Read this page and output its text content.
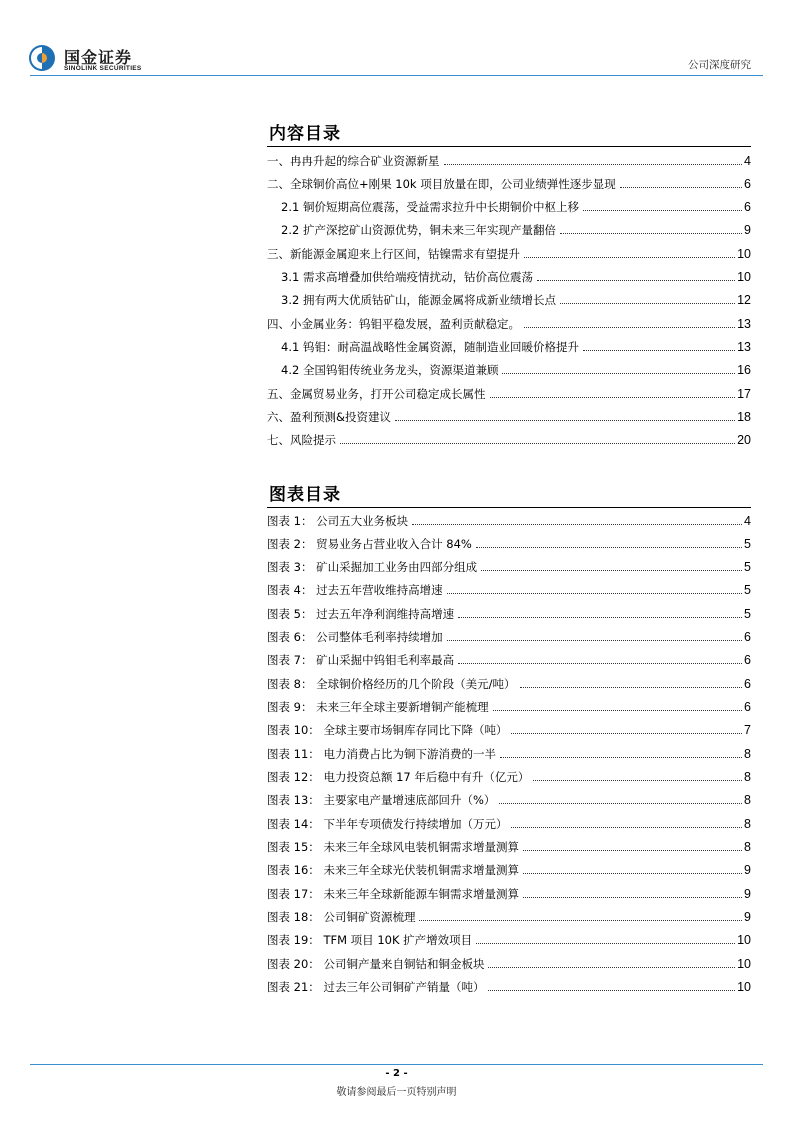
国金证券
SINOLINK SECURITIES	公司深度研究
内容目录
一、冉冉升起的综合矿业资源新星	4
二、全球铜价高位+刚果 10k 项目放量在即，公司业绩弹性逐步显现	6
2.1 铜价短期高位震荡，受益需求拉升中长期铜价中枢上移	6
2.2 扩产深挖矿山资源优势，铜未来三年实现产量翻倍	9
三、新能源金属迎来上行区间，钴镍需求有望提升	10
3.1 需求高增叠加供给端疫情扰动，钴价高位震荡	10
3.2 拥有两大优质钴矿山，能源金属将成新业绩增长点	12
四、小金属业务：钨钼平稳发展，盈利贡献稳定。	13
4.1 钨钼：耐高温战略性金属资源，随制造业回暖价格提升	13
4.2 全国钨钼传统业务龙头，资源渠道兼顾	16
五、金属贸易业务，打开公司稳定成长属性	17
六、盈利预测&投资建议	18
七、风险提示	20
图表目录
图表 1： 公司五大业务板块	4
图表 2： 贸易业务占营业收入合计 84%	5
图表 3： 矿山采掘加工业务由四部分组成	5
图表 4： 过去五年营收维持高增速	5
图表 5： 过去五年净利润维持高增速	5
图表 6： 公司整体毛利率持续增加	6
图表 7： 矿山采掘中钨钼毛利率最高	6
图表 8： 全球铜价格经历的几个阶段（美元/吨）	6
图表 9： 未来三年全球主要新增铜产能梳理	6
图表 10： 全球主要市场铜库存同比下降（吨）	7
图表 11： 电力消费占比为铜下游消费的一半	8
图表 12： 电力投资总额 17 年后稳中有升（亿元）	8
图表 13： 主要家电产量增速底部回升（%）	8
图表 14： 下半年专项债发行持续增加（万元）	8
图表 15： 未来三年全球风电装机铜需求增量测算	8
图表 16： 未来三年全球光伏装机铜需求增量测算	9
图表 17： 未来三年全球新能源车铜需求增量测算	9
图表 18： 公司铜矿资源梳理	9
图表 19： TFM 项目 10K 扩产增效项目	10
图表 20： 公司铜产量来自铜钴和铜金板块	10
图表 21： 过去三年公司铜矿产销量（吨）	10
- 2 -
敬请参阅最后一页特别声明
